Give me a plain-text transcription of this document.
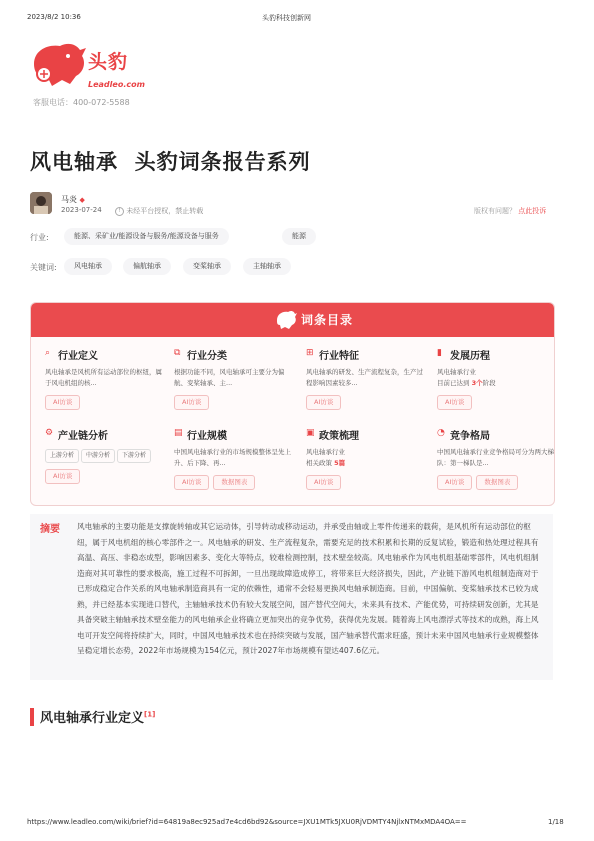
2023/8/2 10:36	头豹科技创新网
头豹
Leadleo.com
客服电话：400-072-5588
风电轴承  头豹词条报告系列
马炎 ◆
2023-07-24	! 未经平台授权，禁止转载	版权有问题？ 点此投诉
行业:	能源、采矿业/能源设备与服务/能源设备与服务	能源
关键词:	风电轴承	偏航轴承	变桨轴承	主轴轴承
词条目录
⌕ 行业定义
风电轴承是风机所有运动部位的枢纽，属于风电机组的核...
AI访谈
⧉ 行业分类
根据功能不同，风电轴承可主要分为偏航、变桨轴承、主...
AI访谈
⊞ 行业特征
风电轴承的研发、生产流程复杂，生产过程影响因素较多...
AI访谈
▮ 发展历程
风电轴承行业
目前已达到 3个阶段
AI访谈
⚙ 产业链分析
上游分析 中游分析 下游分析
AI访谈
▤ 行业规模
中国风电轴承行业的市场规模整体呈先上升、后下降、再...
AI访谈	数据图表
▣ 政策梳理
风电轴承行业
相关政策 5篇
AI访谈
◔ 竞争格局
中国风电轴承行业竞争格局可分为两大梯队：第一梯队是...
AI访谈	数据图表
摘要 风电轴承的主要功能是支撑旋转轴或其它运动体，引导转动或移动运动，并承受由轴或上零件传递来的载荷，是风机所有运动部位的枢纽，属于风电机组的核心零部件之一。风电轴承的研发、生产流程复杂，需要充足的技术积累和长期的反复试验，锻造和热处理过程具有高温、高压、非稳态成型，影响因素多、变化大等特点，较难检测控制，技术壁垒较高。风电轴承作为风电机组基础零部件，风电机组制造商对其可靠性的要求极高，施工过程不可拆卸，一旦出现故障造成停工，将带来巨大经济损失，因此，产业链下游风电机组制造商对于已形成稳定合作关系的风电轴承制造商具有一定的依赖性，通常不会轻易更换风电轴承制造商。目前，中国偏航、变桨轴承技术已较为成熟，并已经基本实现进口替代，主轴轴承技术仍有较大发展空间，国产替代空间大，未来具有技术、产能优势，可持续研发创新，尤其是具备突破主轴轴承技术壁垒能力的风电轴承企业将确立更加突出的竞争优势，获得优先发展。随着海上风电漂浮式等技术的成熟，海上风电可开发空间将持续扩大，同时，中国风电轴承技术也在持续突破与发展，国产轴承替代需求旺盛，预计未来中国风电轴承行业规模整体呈稳定增长态势，2022年市场规模为154亿元，预计2027年市场规模有望达407.6亿元。
风电轴承行业定义[1]
https://www.leadleo.com/wiki/brief?id=64819a8ec925ad7e4cd6bd92&source=JXU1MTk5JXU0RjVDMTY4NjlxNTMxMDA4OA==	1/18
